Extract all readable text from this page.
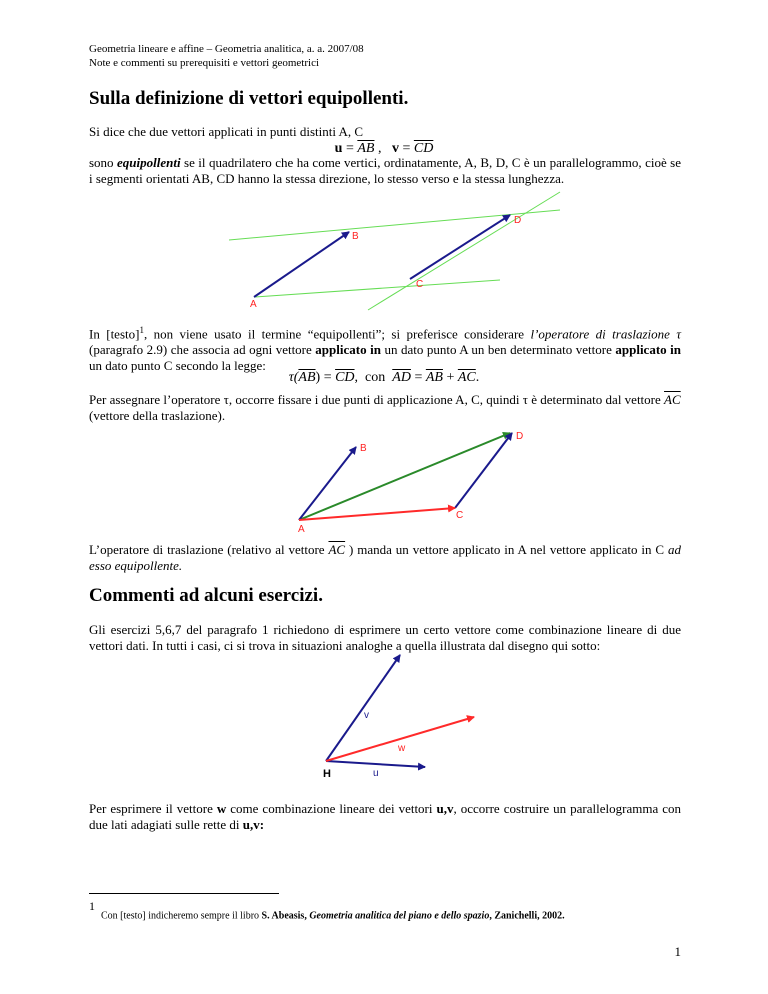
Geometria lineare e affine – Geometria analitica, a. a. 2007/08
Note e commenti su prerequisiti e vettori geometrici
Sulla definizione di vettori equipollenti.
Si dice che due vettori applicati in punti distinti A, C
$u = \overline{AB}$ ,   $v = \overline{CD}$
sono equipollenti se il quadrilatero che ha come vertici, ordinatamente, A, B, D, C è un parallelogrammo, cioè se i segmenti orientati AB, CD hanno la stessa direzione, lo stesso verso e la stessa lunghezza.
A
B
C
D
In [testo]$^1$, non viene usato il termine “equipollenti”; si preferisce considerare l’operatore di traslazione τ (paragrafo 2.9) che associa ad ogni vettore applicato in un dato punto A un ben determinato vettore applicato in un dato punto C secondo la legge:
$\tau(\overline{AB}) = \overline{CD}$,  con  $\overline{AD} = \overline{AB} + \overline{AC}$.
Per assegnare l’operatore τ, occorre fissare i due punti di applicazione A, C, quindi τ è determinato dal vettore $\overline{AC}$
(vettore della traslazione).
A
B
C
D
L’operatore di traslazione (relativo al vettore $\overline{AC}$ ) manda un vettore applicato in A nel vettore applicato in C ad esso equipollente.
Commenti ad alcuni esercizi.
Gli esercizi 5,6,7 del paragrafo 1 richiedono di esprimere un certo vettore come combinazione lineare di due vettori dati. In tutti i casi, ci si trova in situazioni analoghe a quella illustrata dal disegno qui sotto:
H	u
v
w
Per esprimere il vettore w come combinazione lineare dei vettori u,v, occorre costruire un parallelogramma con due lati adagiati sulle rette di u,v:
$^1$Con [testo] indicheremo sempre il libro S. Abeasis, Geometria analitica del piano e dello spazio, Zanichelli, 2002.
1
